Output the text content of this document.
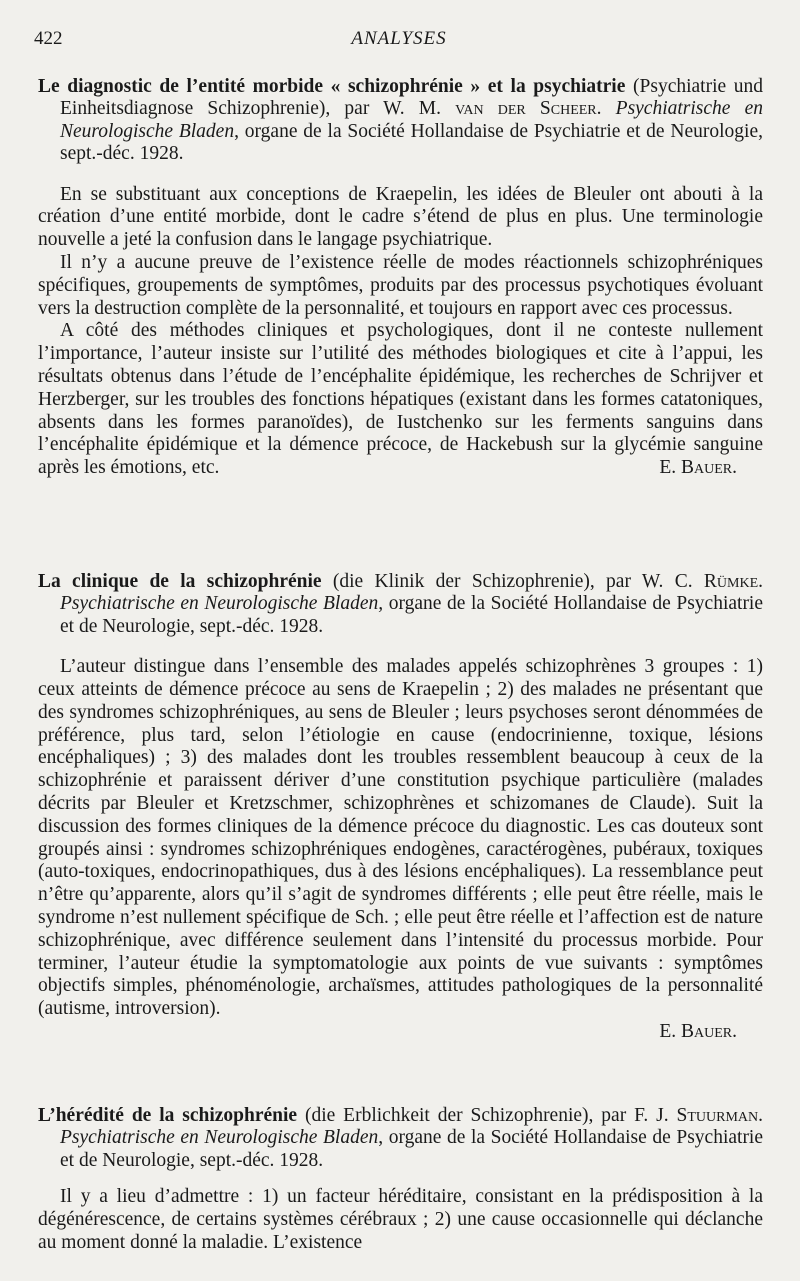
422	ANALYSES

Le diagnostic de l’entité morbide « schizophrénie » et la psychiatrie (Psychiatrie und Einheitsdiagnose Schizophrenie), par W. M. van der Scheer. Psychiatrische en Neurologische Bladen, organe de la Société Hollandaise de Psychiatrie et de Neurologie, sept.-déc. 1928.

En se substituant aux conceptions de Kraepelin, les idées de Bleuler ont abouti à la création d’une entité morbide, dont le cadre s’étend de plus en plus. Une terminologie nouvelle a jeté la confusion dans le langage psychiatrique.

Il n’y a aucune preuve de l’existence réelle de modes réactionnels schizophréniques spécifiques, groupements de symptômes, produits par des processus psychotiques évoluant vers la destruction complète de la personnalité, et toujours en rapport avec ces processus.

A côté des méthodes cliniques et psychologiques, dont il ne conteste nullement l’importance, l’auteur insiste sur l’utilité des méthodes biologiques et cite à l’appui, les résultats obtenus dans l’étude de l’encéphalite épidémique, les recherches de Schrijver et Herzberger, sur les troubles des fonctions hépatiques (existant dans les formes catatoniques, absents dans les formes paranoïdes), de Iustchenko sur les ferments sanguins dans l’encéphalite épidémique et la démence précoce, de Hackebush sur la glycémie sanguine après les émotions, etc.	E. Bauer.

La clinique de la schizophrénie (die Klinik der Schizophrenie), par W. C. Rümke. Psychiatrische en Neurologische Bladen, organe de la Société Hollandaise de Psychiatrie et de Neurologie, sept.-déc. 1928.

L’auteur distingue dans l’ensemble des malades appelés schizophrènes 3 groupes : 1) ceux atteints de démence précoce au sens de Kraepelin ; 2) des malades ne présentant que des syndromes schizophréniques, au sens de Bleuler ; leurs psychoses seront dénommées de préférence, plus tard, selon l’étiologie en cause (endocrinienne, toxique, lésions encéphaliques) ; 3) des malades dont les troubles ressemblent beaucoup à ceux de la schizophrénie et paraissent dériver d’une constitution psychique particulière (malades décrits par Bleuler et Kretzschmer, schizophrènes et schizomanes de Claude). Suit la discussion des formes cliniques de la démence précoce du diagnostic. Les cas douteux sont groupés ainsi : syndromes schizophréniques endogènes, caractérogènes, pubéraux, toxiques (auto-toxiques, endocrinopathiques, dus à des lésions encéphaliques). La ressemblance peut n’être qu’apparente, alors qu’il s’agit de syndromes différents ; elle peut être réelle, mais le syndrome n’est nullement spécifique de Sch. ; elle peut être réelle et l’affection est de nature schizophrénique, avec différence seulement dans l’intensité du processus morbide. Pour terminer, l’auteur étudie la symptomatologie aux points de vue suivants : symptômes objectifs simples, phénoménologie, archaïsmes, attitudes pathologiques de la personnalité (autisme, introversion).

E. Bauer.

L’hérédité de la schizophrénie (die Erblichkeit der Schizophrenie), par F. J. Stuurman. Psychiatrische en Neurologische Bladen, organe de la Société Hollandaise de Psychiatrie et de Neurologie, sept.-déc. 1928.

Il y a lieu d’admettre : 1) un facteur héréditaire, consistant en la prédisposition à la dégénérescence, de certains systèmes cérébraux ; 2) une cause occasionnelle qui déclanche au moment donné la maladie. L’existence
